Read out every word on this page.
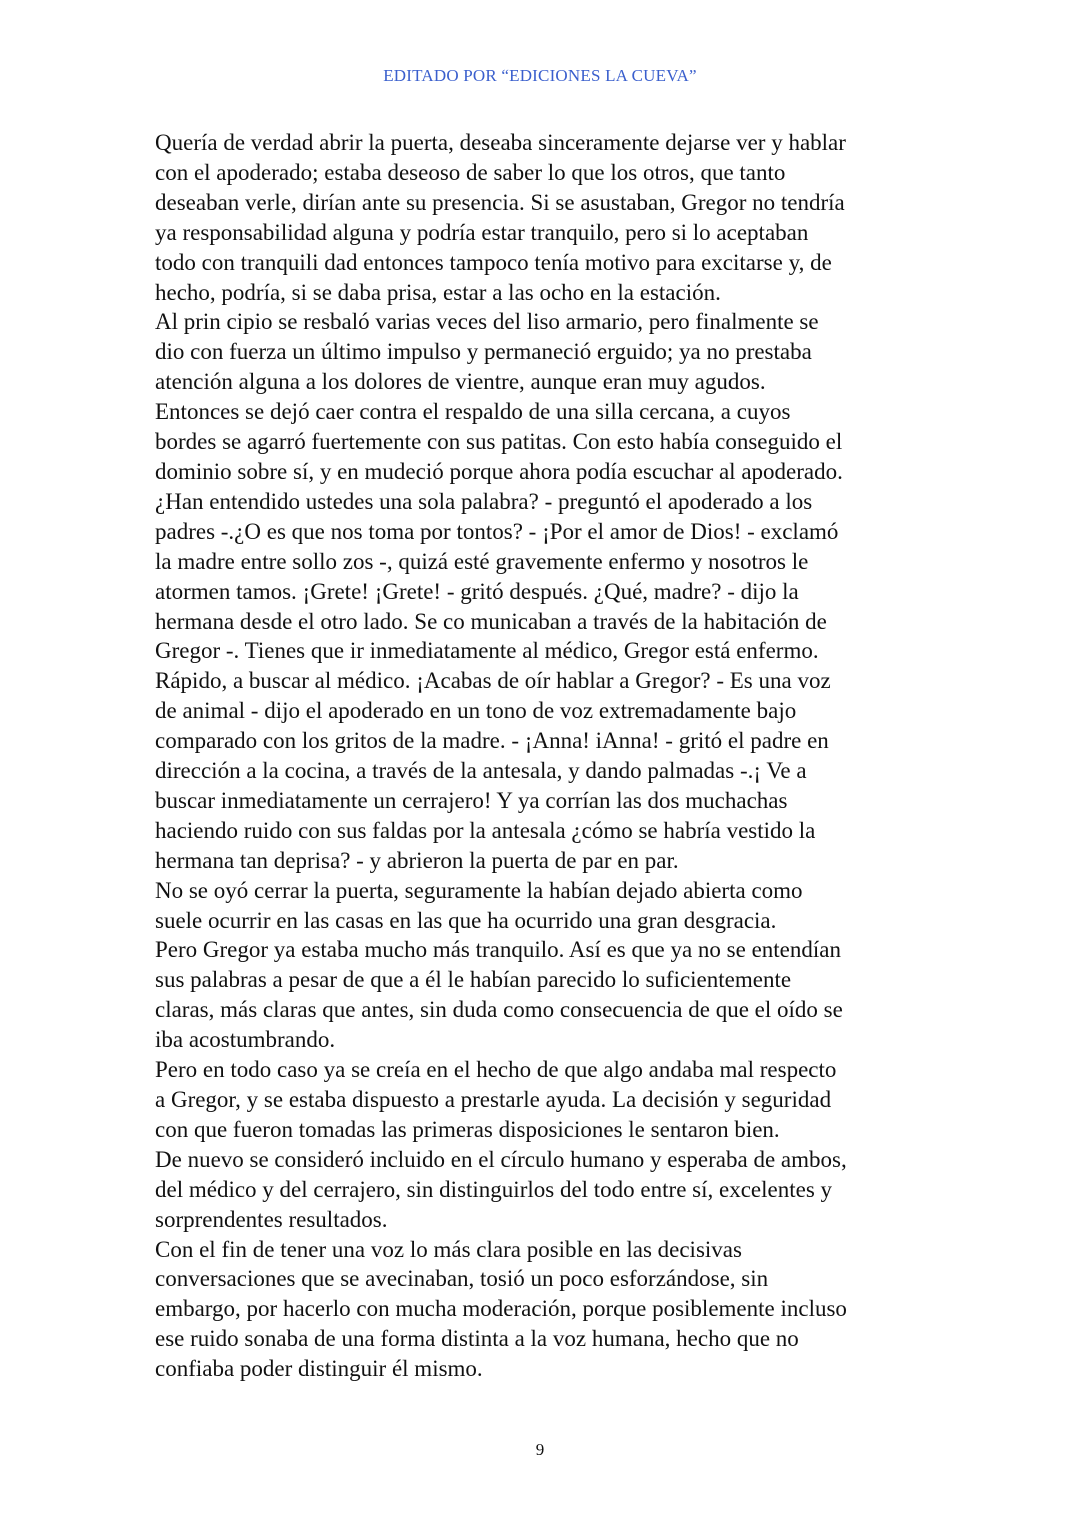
EDITADO POR “EDICIONES LA CUEVA”
Quería de verdad abrir la puerta, deseaba sinceramente dejarse ver y hablar
con el apoderado; estaba deseoso de saber lo que los otros, que tanto
deseaban verle, dirían ante su presencia. Si se asustaban, Gregor no tendría
ya responsabilidad alguna y podría estar tranquilo, pero si lo aceptaban
todo con tranquili dad entonces tampoco tenía motivo para excitarse y, de
hecho, podría, si se daba prisa, estar a las ocho en la estación.
Al prin cipio se resbaló varias veces del liso armario, pero finalmente se
dio con fuerza un último impulso y permaneció erguido; ya no prestaba
atención alguna a los dolores de vientre, aunque eran muy agudos.
Entonces se dejó caer contra el respaldo de una silla cercana, a cuyos
bordes se agarró fuertemente con sus patitas. Con esto había conseguido el
dominio sobre sí, y en mudeció porque ahora podía escuchar al apoderado.
¿Han entendido ustedes una sola palabra? - preguntó el apoderado a los
padres -.¿O es que nos toma por tontos? - ¡Por el amor de Dios! - exclamó
la madre entre sollo zos -, quizá esté gravemente enfermo y nosotros le
atormen tamos. ¡Grete! ¡Grete! - gritó después. ¿Qué, madre? - dijo la
hermana desde el otro lado. Se co municaban a través de la habitación de
Gregor -. Tienes que ir inmediatamente al médico, Gregor está enfermo.
Rápido, a buscar al médico. ¡Acabas de oír hablar a Gregor? - Es una voz
de animal - dijo el apoderado en un tono de voz extremadamente bajo
comparado con los gritos de la madre. - ¡Anna! iAnna! - gritó el padre en
dirección a la cocina, a través de la antesala, y dando palmadas -.¡ Ve a
buscar inmediatamente un cerrajero! Y ya corrían las dos muchachas
haciendo ruido con sus faldas por la antesala ¿cómo se habría vestido la
hermana tan deprisa? - y abrieron la puerta de par en par.
No se oyó cerrar la puerta, seguramente la habían dejado abierta como
suele ocurrir en las casas en las que ha ocurrido una gran desgracia.
Pero Gregor ya estaba mucho más tranquilo. Así es que ya no se entendían
sus palabras a pesar de que a él le habían parecido lo suficientemente
claras, más claras que antes, sin duda como consecuencia de que el oído se
iba acostumbrando.
Pero en todo caso ya se creía en el hecho de que algo andaba mal respecto
a Gregor, y se estaba dispuesto a prestarle ayuda. La decisión y seguridad
con que fueron tomadas las primeras disposiciones le sentaron bien.
De nuevo se consideró incluido en el círculo humano y esperaba de ambos,
del médico y del cerrajero, sin distinguirlos del todo entre sí, excelentes y
sorprendentes resultados.
Con el fin de tener una voz lo más clara posible en las decisivas
conversaciones que se avecinaban, tosió un poco esforzándose, sin
embargo, por hacerlo con mucha moderación, porque posiblemente incluso
ese ruido sonaba de una forma distinta a la voz humana, hecho que no
confiaba poder distinguir él mismo.
9
